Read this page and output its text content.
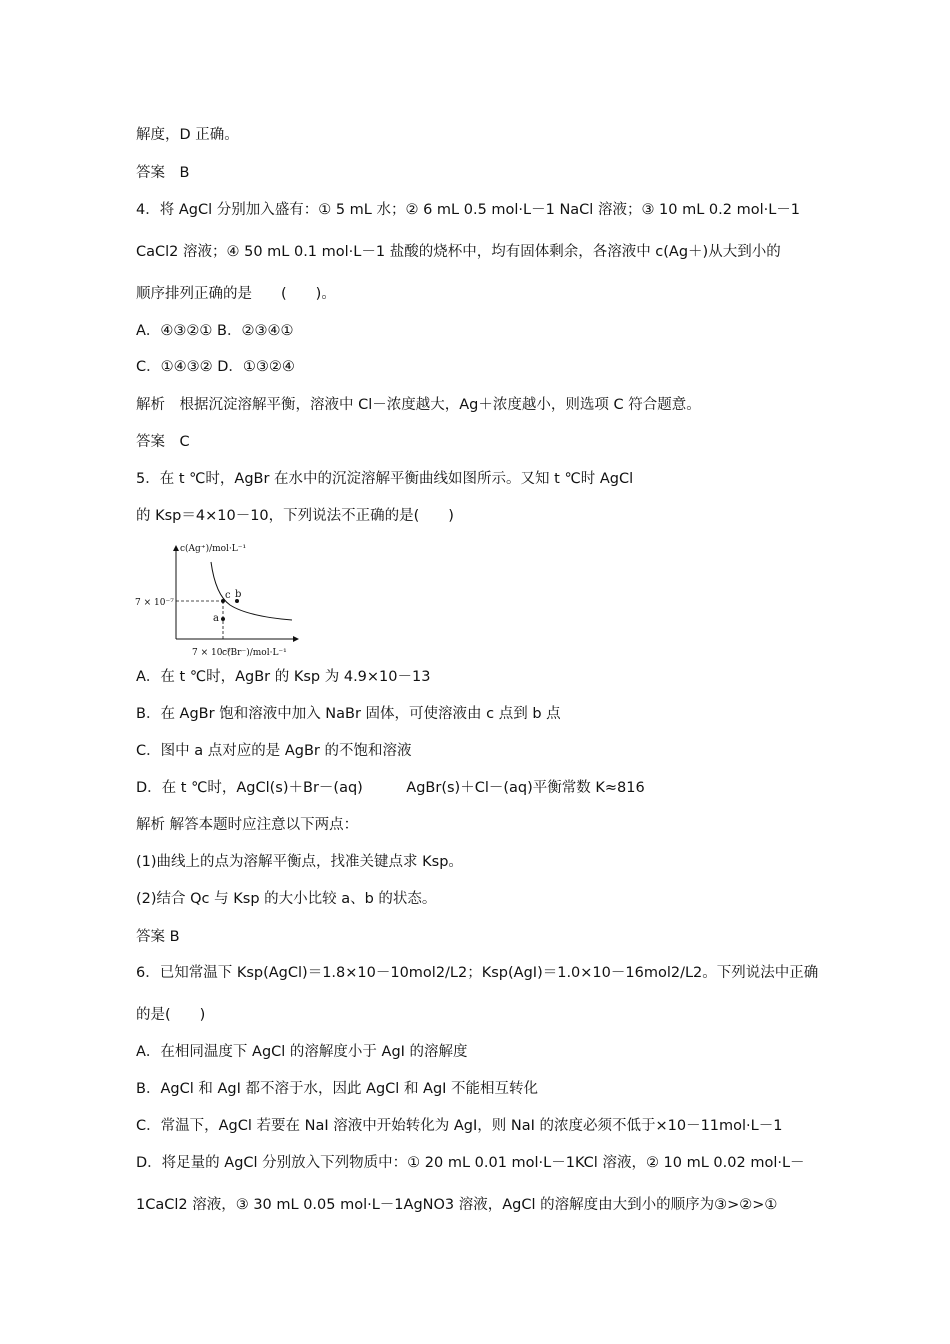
解度，D 正确。
答案　B
4．将 AgCl 分别加入盛有：① 5 mL 水；② 6 mL 0.5 mol·L－1 NaCl 溶液；③ 10 mL 0.2 mol·L－1
CaCl2 溶液；④ 50 mL 0.1 mol·L－1 盐酸的烧杯中，均有固体剩余，各溶液中 c(Ag＋)从大到小的
顺序排列正确的是　　(　　)。
A．④③②① B．②③④①
C．①④③② D．①③②④
解析　根据沉淀溶解平衡，溶液中 Cl－浓度越大，Ag＋浓度越小，则选项 C 符合题意。
答案　C
5．在 t ℃时，AgBr 在水中的沉淀溶解平衡曲线如图所示。又知 t ℃时 AgCl
的 Ksp＝4×10－10，下列说法不正确的是(　　)
c(Ag⁺)/mol·L⁻¹
c(Br⁻)/mol·L⁻¹
7 × 10⁻⁷
7 × 10⁻⁷
c b
a
A．在 t ℃时，AgBr 的 Ksp 为 4.9×10－13
B．在 AgBr 饱和溶液中加入 NaBr 固体，可使溶液由 c 点到 b 点
C．图中 a 点对应的是 AgBr 的不饱和溶液
D．在 t ℃时，AgCl(s)＋Br－(aq)　　　AgBr(s)＋Cl－(aq)平衡常数 K≈816
解析 解答本题时应注意以下两点：
(1)曲线上的点为溶解平衡点，找准关键点求 Ksp。
(2)结合 Qc 与 Ksp 的大小比较 a、b 的状态。
答案 B
6．已知常温下 Ksp(AgCl)＝1.8×10－10mol2/L2；Ksp(AgI)＝1.0×10－16mol2/L2。下列说法中正确
的是(　　)
A．在相同温度下 AgCl 的溶解度小于 AgI 的溶解度
B．AgCl 和 AgI 都不溶于水，因此 AgCl 和 AgI 不能相互转化
C．常温下，AgCl 若要在 NaI 溶液中开始转化为 AgI，则 NaI 的浓度必须不低于×10－11mol·L－1
D．将足量的 AgCl 分别放入下列物质中：① 20 mL 0.01 mol·L－1KCl 溶液，② 10 mL 0.02 mol·L－
1CaCl2 溶液，③ 30 mL 0.05 mol·L－1AgNO3 溶液，AgCl 的溶解度由大到小的顺序为③>②>①
